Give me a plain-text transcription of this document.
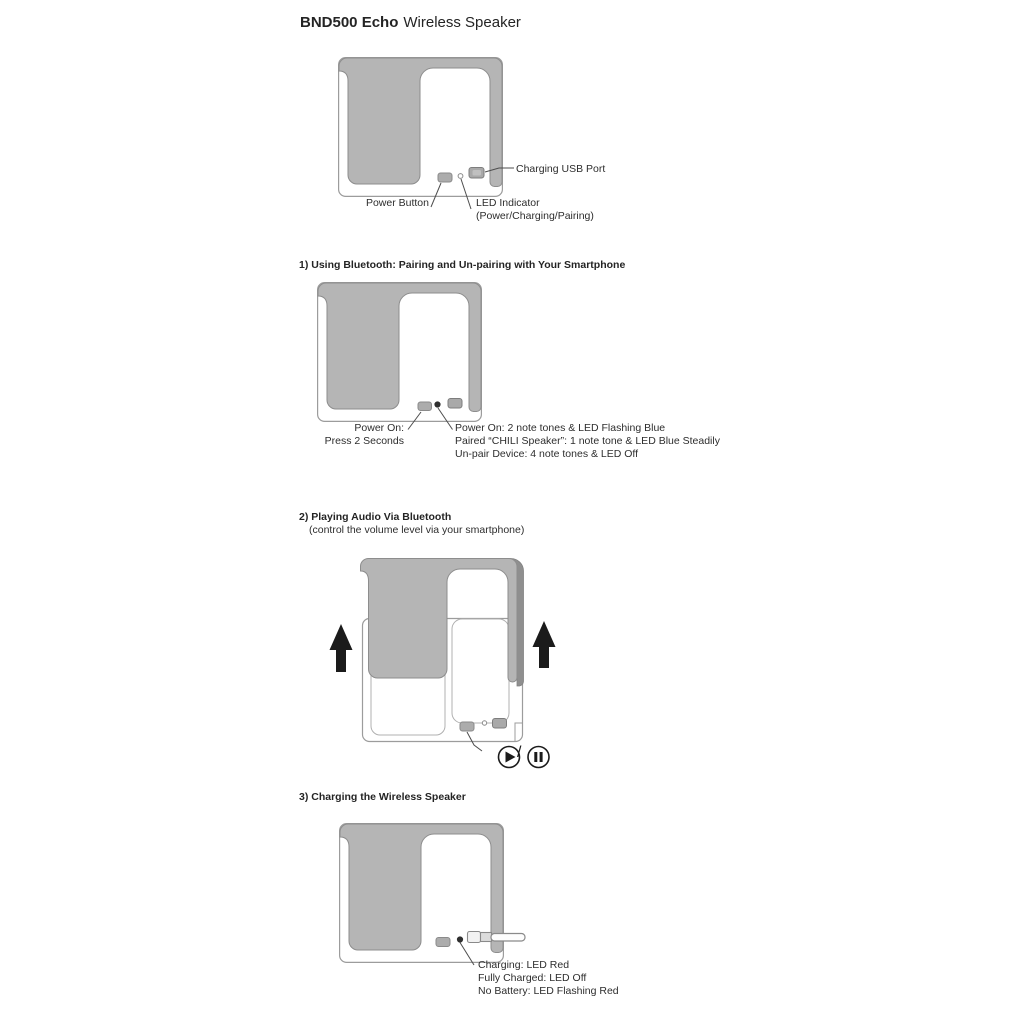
BND500 Echo Wireless Speaker
Charging USB Port
Power Button	LED Indicator
(Power/Charging/Pairing)
1) Using Bluetooth: Pairing and Un-pairing with Your Smartphone
Power On:
Press 2 Seconds
Power On: 2 note tones & LED Flashing Blue
Paired “CHILI Speaker”: 1 note tone & LED Blue Steadily
Un-pair Device: 4 note tones & LED Off
2) Playing Audio Via Bluetooth
(control the volume level via your smartphone)
/
3) Charging the Wireless Speaker
Charging: LED Red
Fully Charged: LED Off
No Battery: LED Flashing Red
